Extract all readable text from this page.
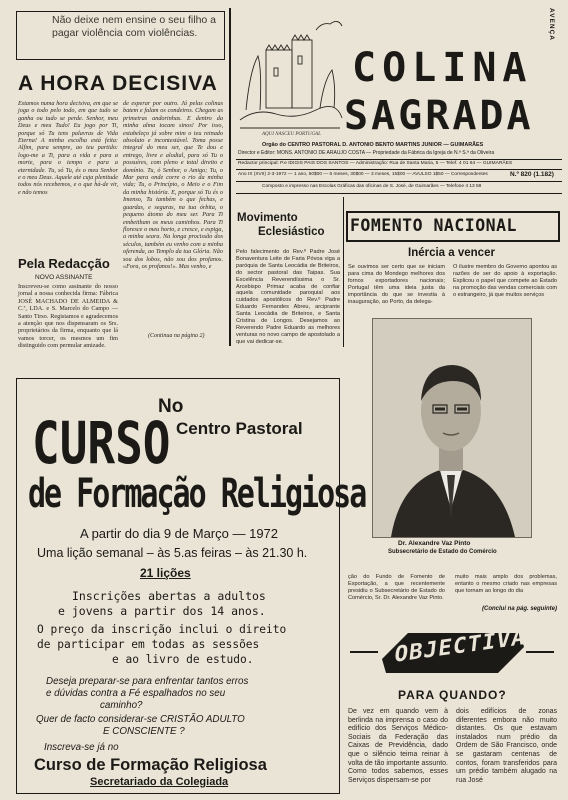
Não deixe nem ensine o seu filho a pagar violência com violências.
A HORA DECISIVA
Estamos numa hora decisiva, em que se joga o todo pelo todo, em que tudo se ganha ou tudo se perde. Senhor, meu Deus e meu Tudo! Eu jogo por Ti, porque só Tu tens palavras de Vida Eterna! A minha escolha está feita: Alfim, para sempre, ao teu partido: logo-me a Ti, para a vida e para a morte, para o tempo e para a eternidade. Tu, só Tu, és o meu Senhor e o meu Deus. Aquele até cuja plenitude todos nós recebemos, e o que há-de vir, e não temos
de esperar por outro. Já pelas colinas batem e falam os condeiros. Chegam as primeiras andorinhas. E dentro da minha alma tocam sinos! Por isso, estabeleço já sobre mim o teu reinado absoluto e incontestável. Toma posse integral do meu ser, que Te dou e entrego, livre e alodial, para só Tu o possuíres, com pleno e total direito e domínio. Tu, ó Senhor, o Amigo; Tu, o Mar para onde corre o rio da minha vida; Tu, o Princípio, o Meio e o Fim da minha história. E, porque só Tu és o Imenso, Tu também o que fechas, e guardas, e seguras, na tua órbita, o pequeno átomo do meu ser. Para Ti embeitham os meus caminhos. Para Ti floresce o meu horto, e cresce, e espiga, a minha seara. Na longa procissão dos séculos, também eu venho com a minha oferenda, ao Templo da tua Glória. Não sou dos lobos, não sou dos profanos. «Fora, os profanos!». Mas venho, e
(Continua na página 2)
Pela Redacção
NOVO ASSINANTE
Inscreveu-se como assinante do nosso jornal a nossa conhecida firma: Fábrica JOSÉ MACHADO DE ALMEIDA & C.ª, LDA. e S. Marcelo do Campo — Santo Tirso. Registamos e agradecemos a atenção que nos dispensaram os Srs. proprietários da firma, enquanto que lá vamos torcer, os mesmos um fim distinguido com permular amizade.
AQUI NASCEU PORTUGAL
COLINA
SAGRADA
AVENÇA
Orgão do CENTRO PASTORAL D. ANTONIO BENTO MARTINS JUNIOR — GUIMARÃES
Director e Editor: MONS. ANTONIO DE ARAUJO COSTA — Propriedade da Fábrica da Igreja de N.ª S.ª da Oliveira
Redactor principal: P.e IDIGIS PAIS DOS SANTOS — Administração: Rua de Santa Maria, 5 — Telef. 4 01 64 — GUIMARÃES
Ano IX (XVII) 2-3-1972 — 1 ano, 60$00 — 6 meses, 30$00 — 3 meses, 15$00 — AVULSO 1$50 — Correspondentes	N.º 820 (1.182)
Composto e impresso nas Escolas Gráficas das oficinas de S. José, de Guimarães — Telefone 4 13 58
Movimento
Eclesiástico
Pelo falecimento do Rev.º Padre José Bonaventura Leite de Faria Póvoa viga a paróquia de Santa Leocádia de Briteiros, do sector pastoral das Taipas. Sua Excelência Reverendíssima o Sr. Arcebispo Primaz acaba de confiar aquela comunidade paroquial aos cuidados apostólicos do Rev.º Padre Eduardo Fernandes Abreu, arciprante Santa Leocádia de Briteiros, e Santa Cristina de Longos. Desejamos ao Reverendo Padre Eduardo as melhores venturas no novo campo de apostolado a que vai dedicar-se.
FOMENTO NACIONAL
Inércia a vencer
Se ouvimos ser certo que se iniciam para cima do Mondego melhores dos fornos exportadores nacionais; Portugal têm uma ideia justa da importância do que se investia à inauguração, ao Porto, da delega-
O ilustre membro do Governo apontou as razões de ser do apoio à exportação. Explicou o papel que compete ao Estado na promoção das vendas comerciais com o estrangeiro, já que muitos serviços
Dr. Alexandre Vaz Pinto
Subsecretário de Estado do Comércio
ção do Fundo de Fomento de Exportação, a que recentemente presidiu o Subsecretário de Estado do Comércio, Sr. Dr. Alexandre Vaz Pinto.
muito mais amplo dos problemas, entanto o mesmo criado nas empresas que tornam ao longo do dia
(Conclui na pág. seguinte)
No
Centro Pastoral
CURSO
de Formação Religiosa
A partir do dia 9 de Março — 1972
Uma lição semanal – às 5.as feiras – às 21.30 h.
21 lições
Inscrições abertas a adultos
e jovens a partir dos 14 anos.
O preço da inscrição inclui o direito
de participar em todas as sessões
e ao livro de estudo.
Deseja preparar-se para enfrentar tantos erros
e dúvidas contra a Fé espalhados no seu
caminho?
Quer de facto considerar-se CRISTÃO ADULTO
E CONSCIENTE ?
Inscreva-se já no
Curso de Formação Religiosa
Secretariado da Colegiada
OBJECTIVA
PARA QUANDO?
De vez em quando vem à berlinda na imprensa o caso do edifício dos Serviços Médico-Sociais da Federação das Caixas de Previdência, dado que o silêncio teima reinar à volta de tão importante assunto. Como todos sabemos, esses Serviços dispersam-se por
dois edifícios de zonas diferentes embora não muito distantes. Os que estavam instalados num prédio da Ordem de São Francisco, onde se gastaram centenas de contos, foram transferidos para um prédio também alugado na rua José
